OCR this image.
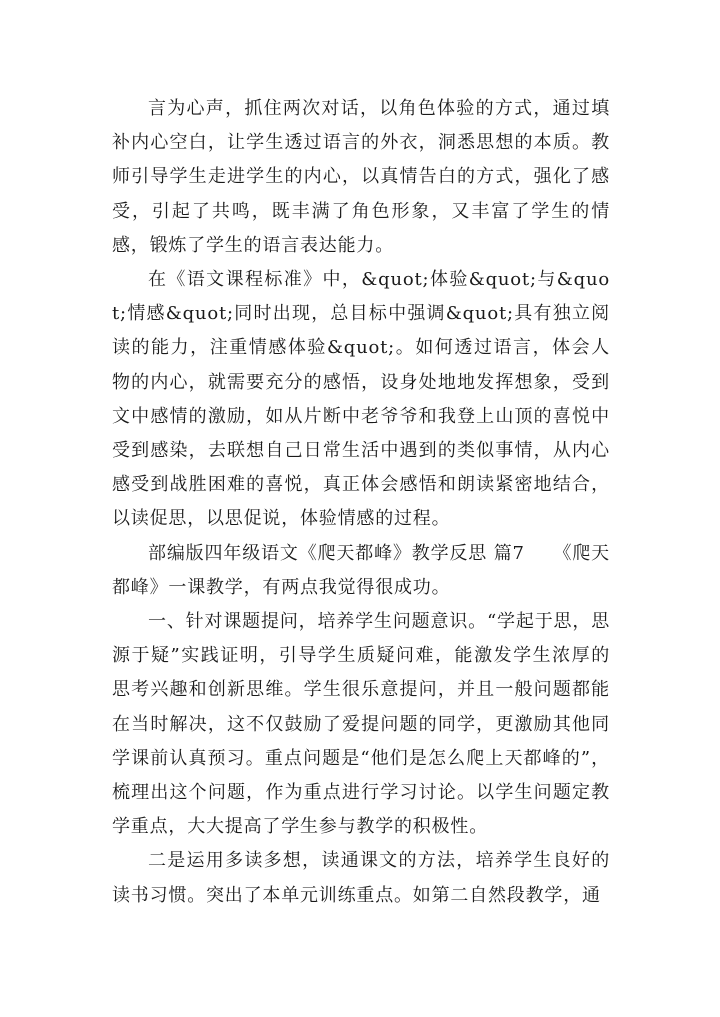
言为心声，抓住两次对话，以角色体验的方式，通过填补内心空白，让学生透过语言的外衣，洞悉思想的本质。教师引导学生走进学生的内心，以真情告白的方式，强化了感受，引起了共鸣，既丰满了角色形象，又丰富了学生的情感，锻炼了学生的语言表达能力。

在《语文课程标准》中，&quot;体验&quot;与&quot;情感&quot;同时出现，总目标中强调&quot;具有独立阅读的能力，注重情感体验&quot;。如何透过语言，体会人物的内心，就需要充分的感悟，设身处地地发挥想象，受到文中感情的激励，如从片断中老爷爷和我登上山顶的喜悦中受到感染，去联想自己日常生活中遇到的类似事情，从内心感受到战胜困难的喜悦，真正体会感悟和朗读紧密地结合，以读促思，以思促说，体验情感的过程。

部编版四年级语文《爬天都峰》教学反思 篇7　　《爬天都峰》一课教学，有两点我觉得很成功。

一、针对课题提问，培养学生问题意识。“学起于思，思源于疑”实践证明，引导学生质疑问难，能激发学生浓厚的思考兴趣和创新思维。学生很乐意提问，并且一般问题都能在当时解决，这不仅鼓励了爱提问题的同学，更激励其他同学课前认真预习。重点问题是“他们是怎么爬上天都峰的”，梳理出这个问题，作为重点进行学习讨论。以学生问题定教学重点，大大提高了学生参与教学的积极性。

二是运用多读多想，读通课文的方法，培养学生良好的读书习惯。突出了本单元训练重点。如第二自然段教学，通
